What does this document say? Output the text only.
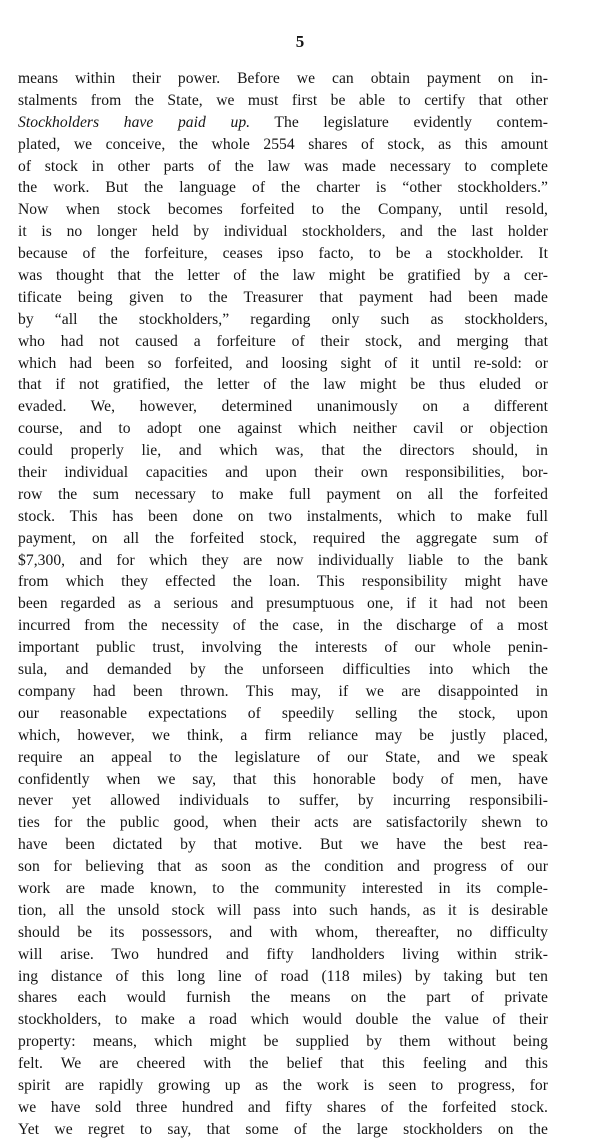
5
means within their power. Before we can obtain payment on in-
stalments from the State, we must first be able to certify that other
Stockholders have paid up. The legislature evidently contem-
plated, we conceive, the whole 2554 shares of stock, as this amount
of stock in other parts of the law was made necessary to complete
the work. But the language of the charter is “other stockholders.”
Now when stock becomes forfeited to the Company, until resold,
it is no longer held by individual stockholders, and the last holder
because of the forfeiture, ceases ipso facto, to be a stockholder. It
was thought that the letter of the law might be gratified by a cer-
tificate being given to the Treasurer that payment had been made
by “all the stockholders,” regarding only such as stockholders,
who had not caused a forfeiture of their stock, and merging that
which had been so forfeited, and loosing sight of it until re-sold: or
that if not gratified, the letter of the law might be thus eluded or
evaded. We, however, determined unanimously on a different
course, and to adopt one against which neither cavil or objection
could properly lie, and which was, that the directors should, in
their individual capacities and upon their own responsibilities, bor-
row the sum necessary to make full payment on all the forfeited
stock. This has been done on two instalments, which to make full
payment, on all the forfeited stock, required the aggregate sum of
$7,300, and for which they are now individually liable to the bank
from which they effected the loan. This responsibility might have
been regarded as a serious and presumptuous one, if it had not been
incurred from the necessity of the case, in the discharge of a most
important public trust, involving the interests of our whole penin-
sula, and demanded by the unforseen difficulties into which the
company had been thrown. This may, if we are disappointed in
our reasonable expectations of speedily selling the stock, upon
which, however, we think, a firm reliance may be justly placed,
require an appeal to the legislature of our State, and we speak
confidently when we say, that this honorable body of men, have
never yet allowed individuals to suffer, by incurring responsibili-
ties for the public good, when their acts are satisfactorily shewn to
have been dictated by that motive. But we have the best rea-
son for believing that as soon as the condition and progress of our
work are made known, to the community interested in its comple-
tion, all the unsold stock will pass into such hands, as it is desirable
should be its possessors, and with whom, thereafter, no difficulty
will arise. Two hundred and fifty landholders living within strik-
ing distance of this long line of road (118 miles) by taking but ten
shares each would furnish the means on the part of private
stockholders, to make a road which would double the value of their
property: means, which might be supplied by them without being
felt. We are cheered with the belief that this feeling and this
spirit are rapidly growing up as the work is seen to progress, for
we have sold three hundred and fifty shares of the forfeited stock.
Yet we regret to say, that some of the large stockholders on the
